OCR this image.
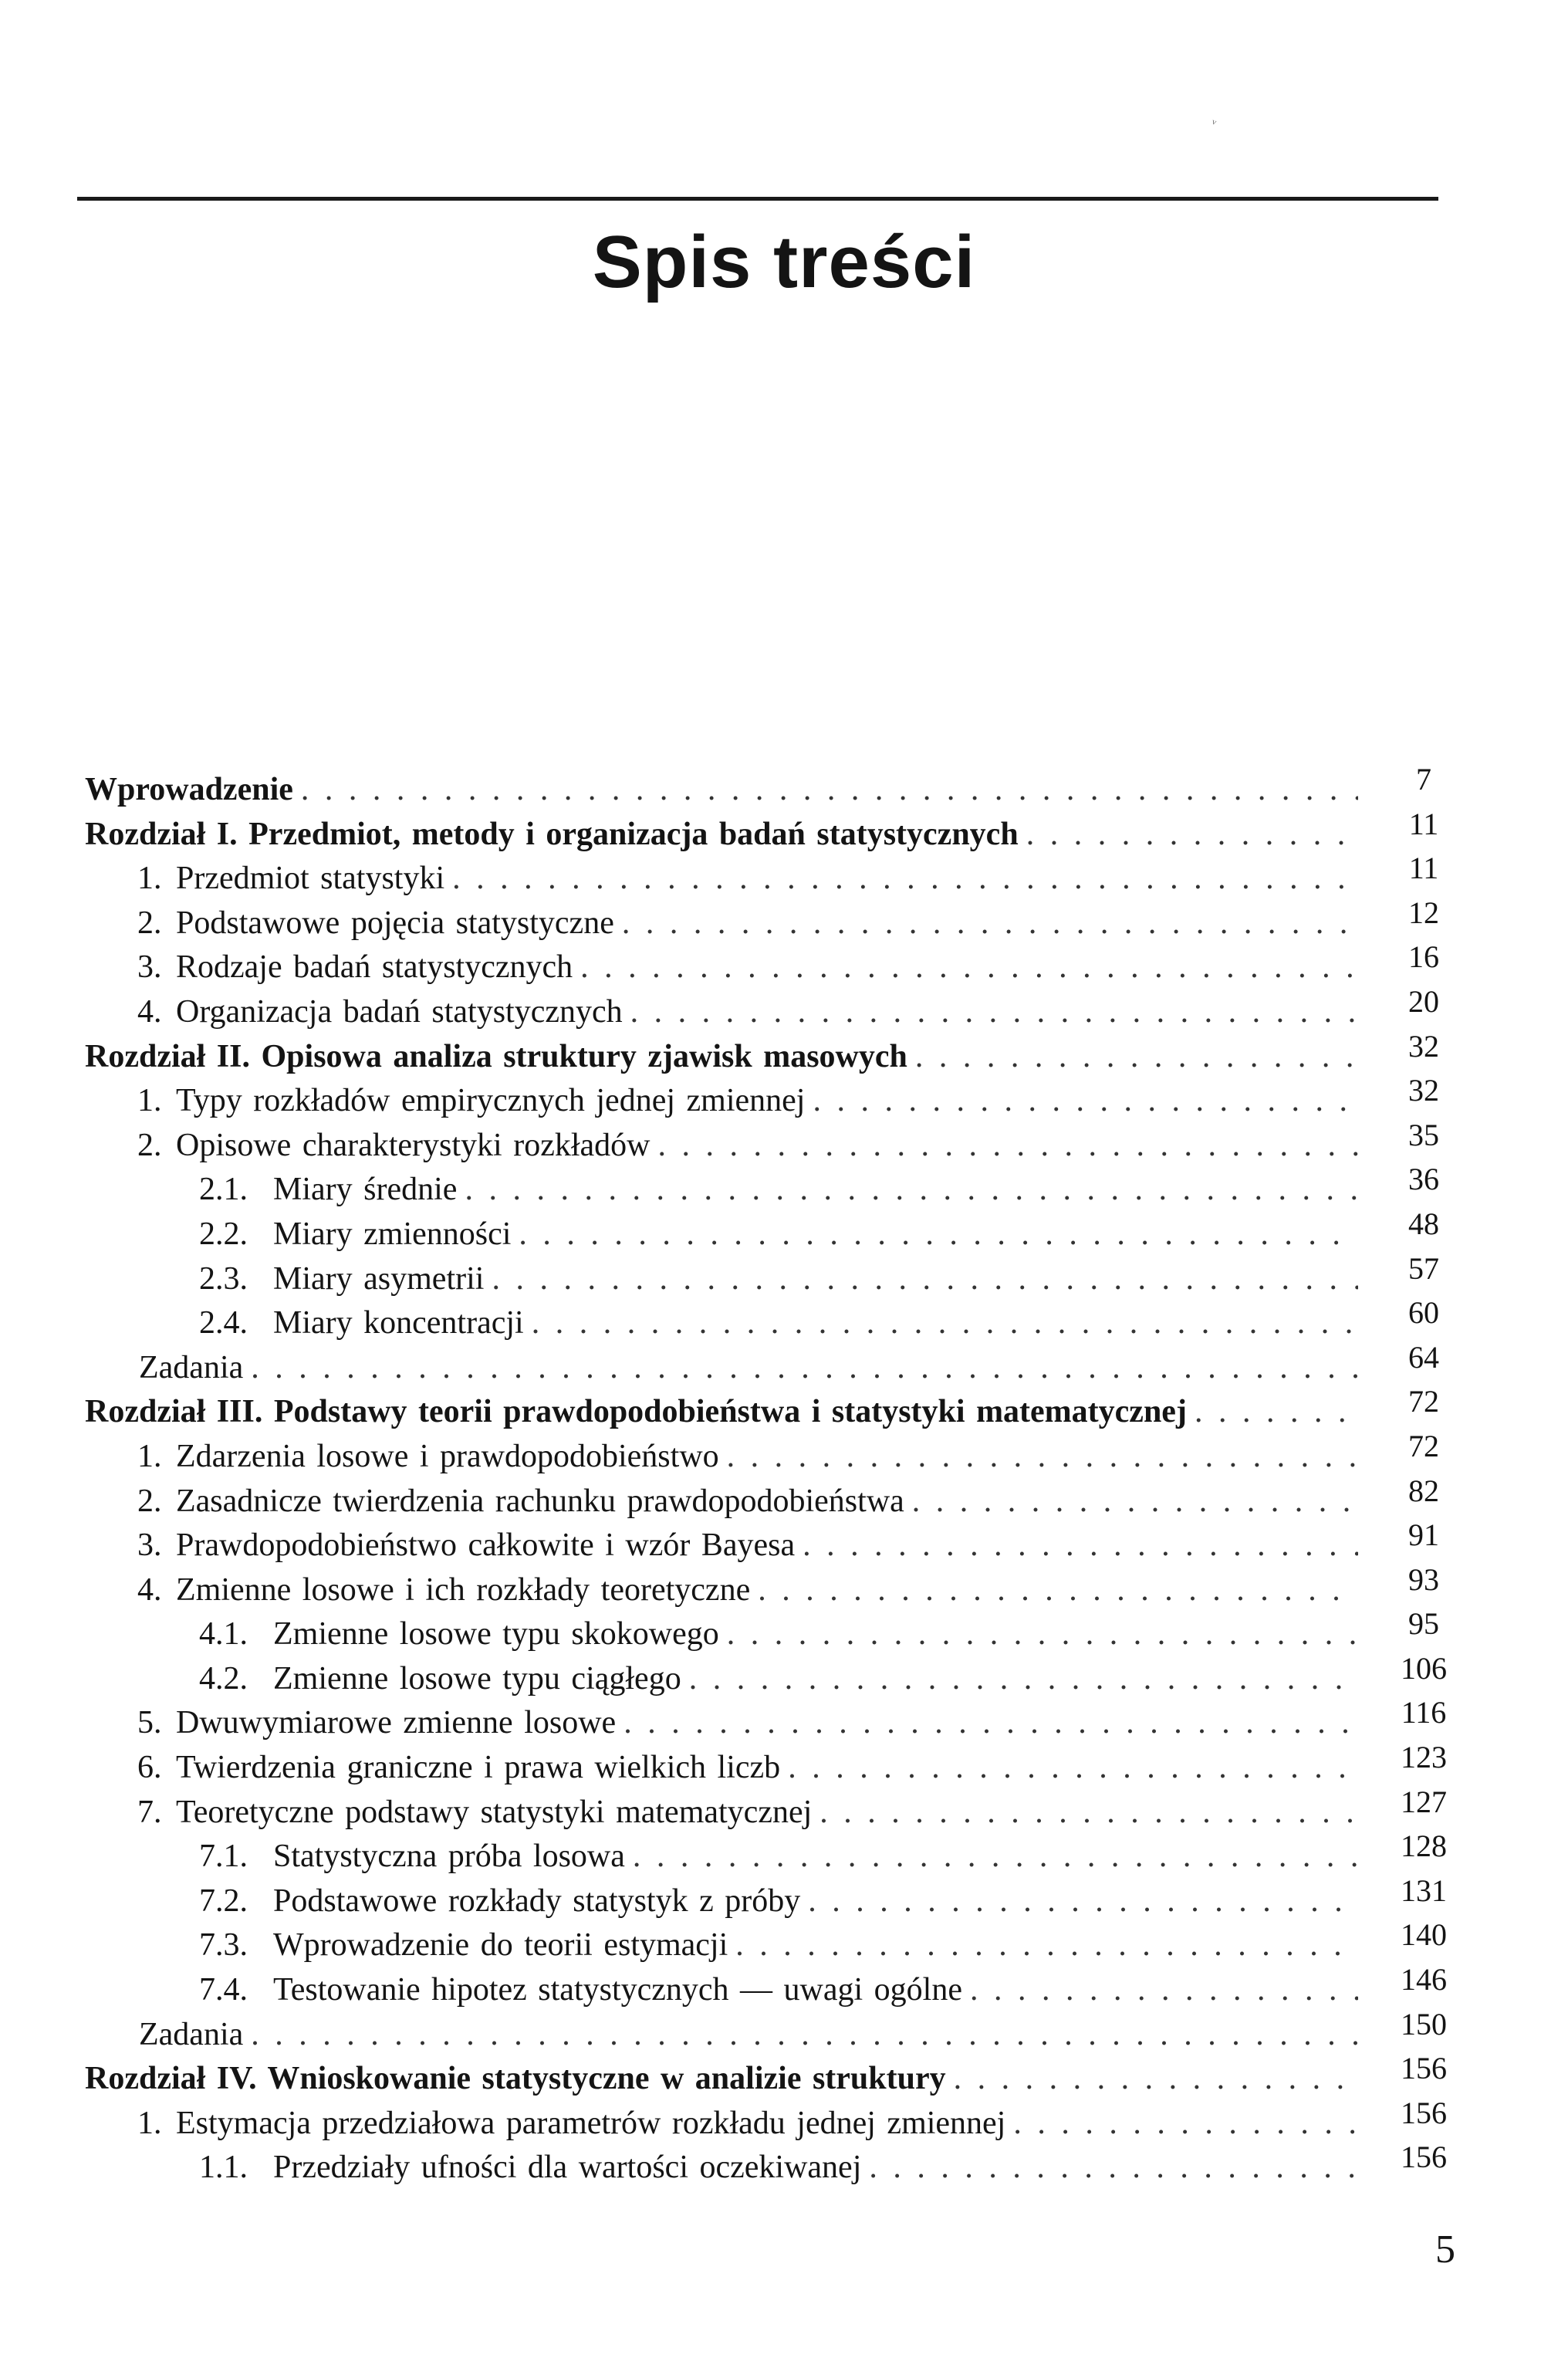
ᵛ
Spis treści
Wprowadzenie . . .	7
Rozdział I. Przedmiot, metody i organizacja badań statystycznych . . .	11
1. Przedmiot statystyki . . .	11
2. Podstawowe pojęcia statystyczne . . .	12
3. Rodzaje badań statystycznych . . .	16
4. Organizacja badań statystycznych . . .	20
Rozdział II. Opisowa analiza struktury zjawisk masowych . . .	32
1. Typy rozkładów empirycznych jednej zmiennej . . .	32
2. Opisowe charakterystyki rozkładów . . .	35
2.1. Miary średnie . . .	36
2.2. Miary zmienności . . .	48
2.3. Miary asymetrii . . .	57
2.4. Miary koncentracji . . .	60
Zadania . . .	64
Rozdział III. Podstawy teorii prawdopodobieństwa i statystyki matematycznej . . .	72
1. Zdarzenia losowe i prawdopodobieństwo . . .	72
2. Zasadnicze twierdzenia rachunku prawdopodobieństwa . . .	82
3. Prawdopodobieństwo całkowite i wzór Bayesa . . .	91
4. Zmienne losowe i ich rozkłady teoretyczne . . .	93
4.1. Zmienne losowe typu skokowego . . .	95
4.2. Zmienne losowe typu ciągłego . . .	106
5. Dwuwymiarowe zmienne losowe . . .	116
6. Twierdzenia graniczne i prawa wielkich liczb . . .	123
7. Teoretyczne podstawy statystyki matematycznej . . .	127
7.1. Statystyczna próba losowa . . .	128
7.2. Podstawowe rozkłady statystyk z próby . . .	131
7.3. Wprowadzenie do teorii estymacji . . .	140
7.4. Testowanie hipotez statystycznych — uwagi ogólne . . .	146
Zadania . . .	150
Rozdział IV. Wnioskowanie statystyczne w analizie struktury . . .	156
1. Estymacja przedziałowa parametrów rozkładu jednej zmiennej . . .	156
1.1. Przedziały ufności dla wartości oczekiwanej . . .	156
5
